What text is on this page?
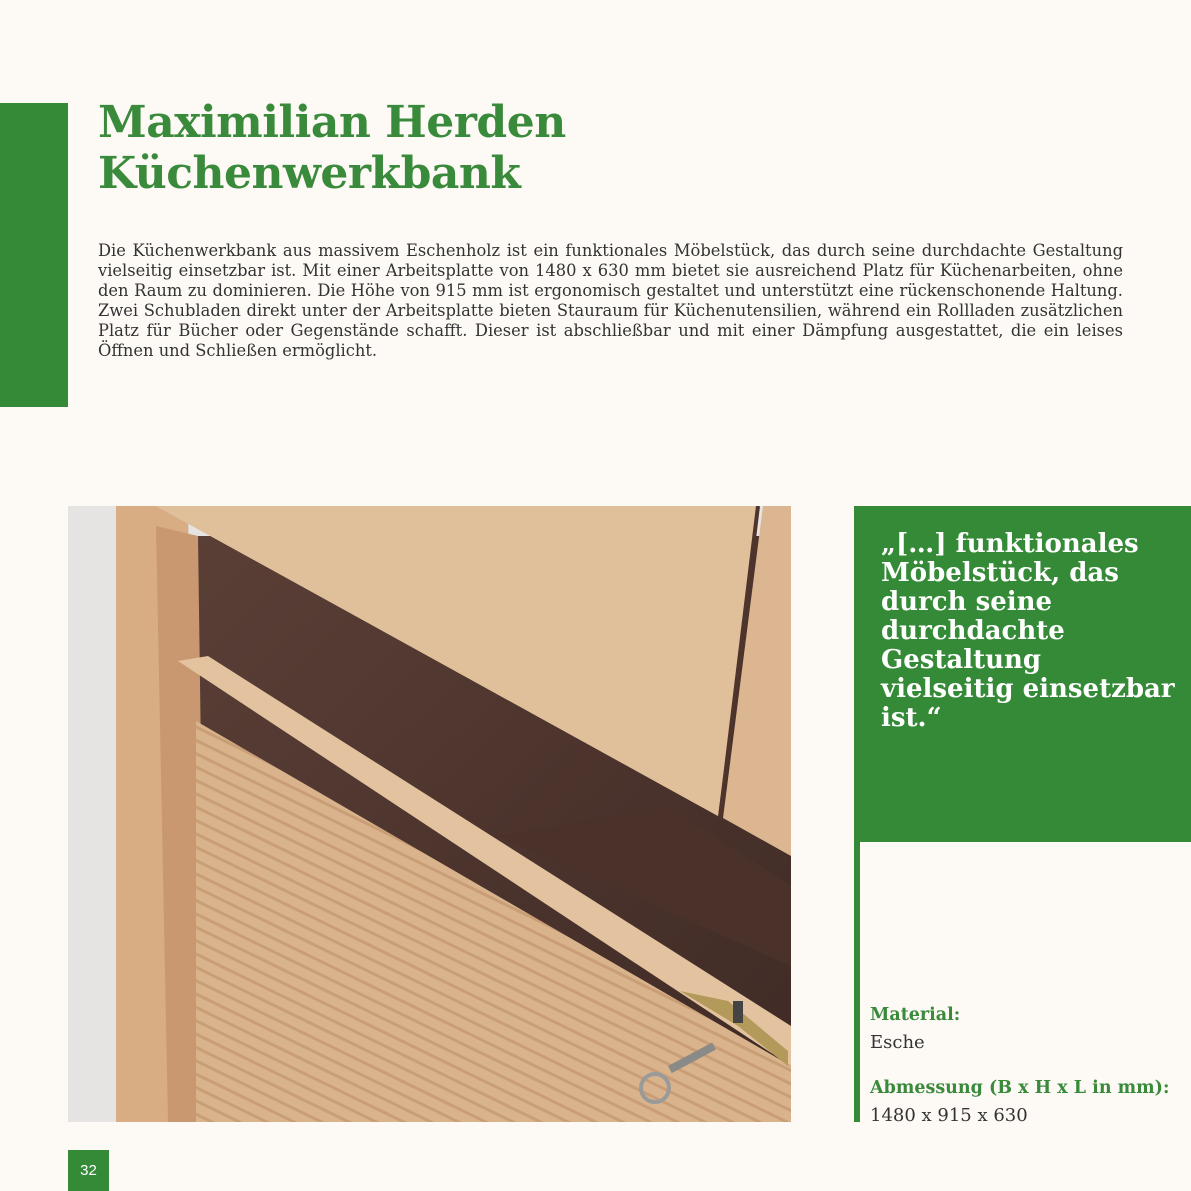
Maximilian Herden
Küchenwerkbank

Die Küchenwerkbank aus massivem Eschenholz ist ein funktionales Möbelstück, das durch seine durchdachte Gestaltung vielseitig einsetzbar ist. Mit einer Arbeitsplatte von 1480 x 630 mm bietet sie ausreichend Platz für Küchenarbeiten, ohne den Raum zu dominieren. Die Höhe von 915 mm ist ergonomisch gestaltet und unterstützt eine rückenschonende Haltung. Zwei Schubladen direkt unter der Arbeitsplatte bieten Stauraum für Küchenutensilien, während ein Rollladen zusätzlichen Platz für Bücher oder Gegenstände schafft. Dieser ist abschließbar und mit einer Dämpfung ausgestattet, die ein leises Öffnen und Schließen ermöglicht.

„[…] funktionales Möbelstück, das durch seine durchdachte Gestaltung vielseitig einsetzbar ist.“

Material:

Esche

Abmessung (B x H x L in mm):

1480 x 915 x 630

32
